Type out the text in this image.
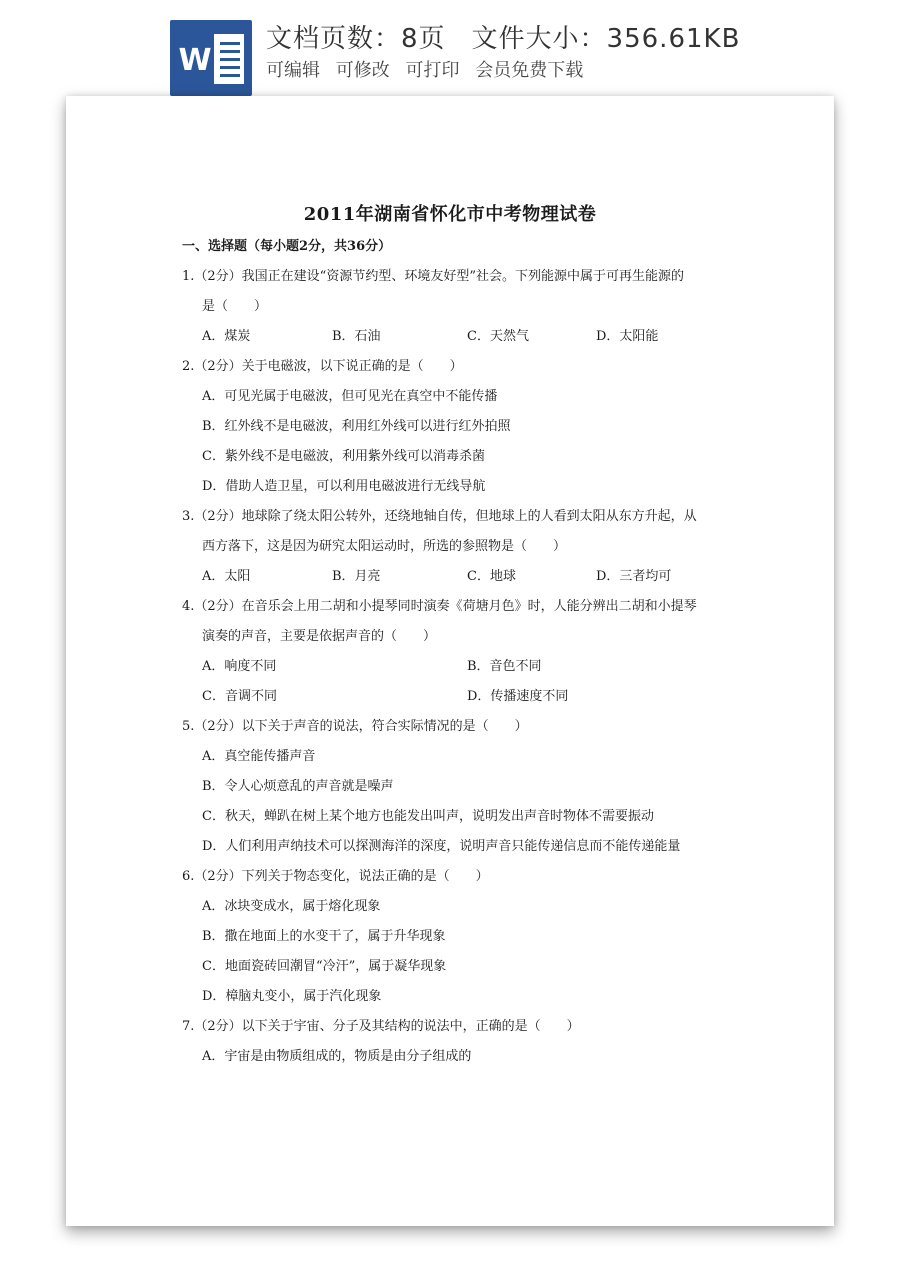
W
文档页数：8页 文件大小：356.61KB
可编辑 可修改 可打印 会员免费下载
2011年湖南省怀化市中考物理试卷
一、选择题（每小题2分，共36分）
1.（2分）我国正在建设“资源节约型、环境友好型”社会。下列能源中属于可再生能源的
是（　　）
A．煤炭	B．石油	C．天然气	D．太阳能
2.（2分）关于电磁波，以下说正确的是（　　）
A．可见光属于电磁波，但可见光在真空中不能传播
B．红外线不是电磁波，利用红外线可以进行红外拍照
C．紫外线不是电磁波，利用紫外线可以消毒杀菌
D．借助人造卫星，可以利用电磁波进行无线导航
3.（2分）地球除了绕太阳公转外，还绕地轴自传，但地球上的人看到太阳从东方升起，从
西方落下，这是因为研究太阳运动时，所选的参照物是（　　）
A．太阳	B．月亮	C．地球	D．三者均可
4.（2分）在音乐会上用二胡和小提琴同时演奏《荷塘月色》时，人能分辨出二胡和小提琴
演奏的声音，主要是依据声音的（　　）
A．响度不同	B．音色不同
C．音调不同	D．传播速度不同
5.（2分）以下关于声音的说法，符合实际情况的是（　　）
A．真空能传播声音
B．令人心烦意乱的声音就是噪声
C．秋天，蝉趴在树上某个地方也能发出叫声，说明发出声音时物体不需要振动
D．人们利用声纳技术可以探测海洋的深度，说明声音只能传递信息而不能传递能量
6.（2分）下列关于物态变化，说法正确的是（　　）
A．冰块变成水，属于熔化现象
B．撒在地面上的水变干了，属于升华现象
C．地面瓷砖回潮冒“冷汗”，属于凝华现象
D．樟脑丸变小，属于汽化现象
7.（2分）以下关于宇宙、分子及其结构的说法中，正确的是（　　）
A．宇宙是由物质组成的，物质是由分子组成的
